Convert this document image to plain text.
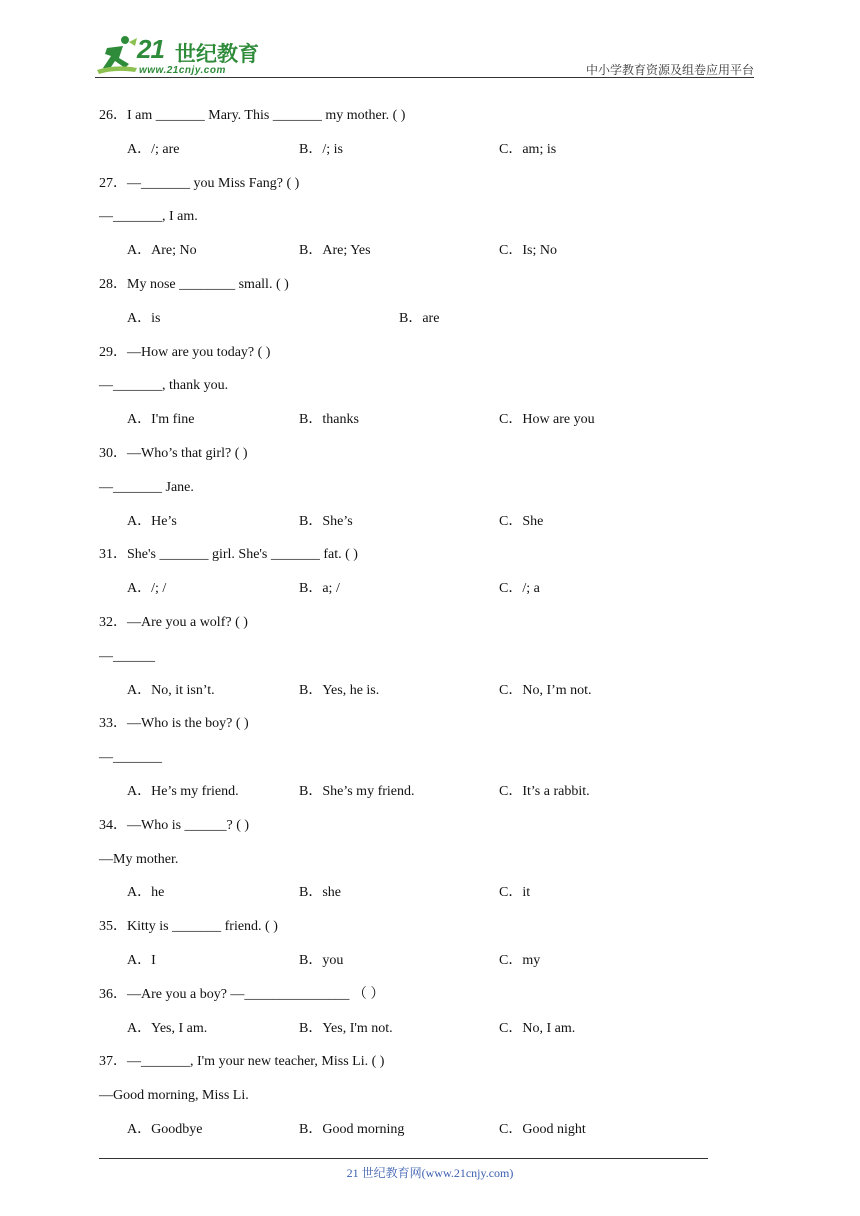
21 世纪教育
www.21cnjy.com	中小学教育资源及组卷应用平台
26．I am _______ Mary. This _______ my mother. ( )
A．/; are	B．/; is	C．am; is
27．—_______ you Miss Fang? ( )
—_______, I am.
A．Are; No	B．Are; Yes	C．Is; No
28．My nose ________ small. ( )
A．is	B．are
29．—How are you today? ( )
—_______, thank you.
A．I'm fine	B．thanks	C．How are you
30．—Who’s that girl? ( )
—_______ Jane.
A．He’s	B．She’s	C．She
31．She's _______ girl. She's _______ fat. ( )
A．/; /	B．a; /	C．/; a
32．—Are you a wolf? ( )
—______
A．No, it isn’t.	B．Yes, he is.	C．No, I’m not.
33．—Who is the boy? ( )
—_______
A．He’s my friend.	B．She’s my friend.	C．It’s a rabbit.
34．—Who is ______? ( )
—My mother.
A．he	B．she	C．it
35．Kitty is _______ friend. ( )
A．I	B．you	C．my
36．—Are you a boy? —_______________ （ ）
A．Yes, I am.	B．Yes, I'm not.	C．No, I am.
37．—_______, I'm your new teacher, Miss Li. ( )
—Good morning, Miss Li.
A．Goodbye	B．Good morning	C．Good night
21 世纪教育网(www.21cnjy.com)
